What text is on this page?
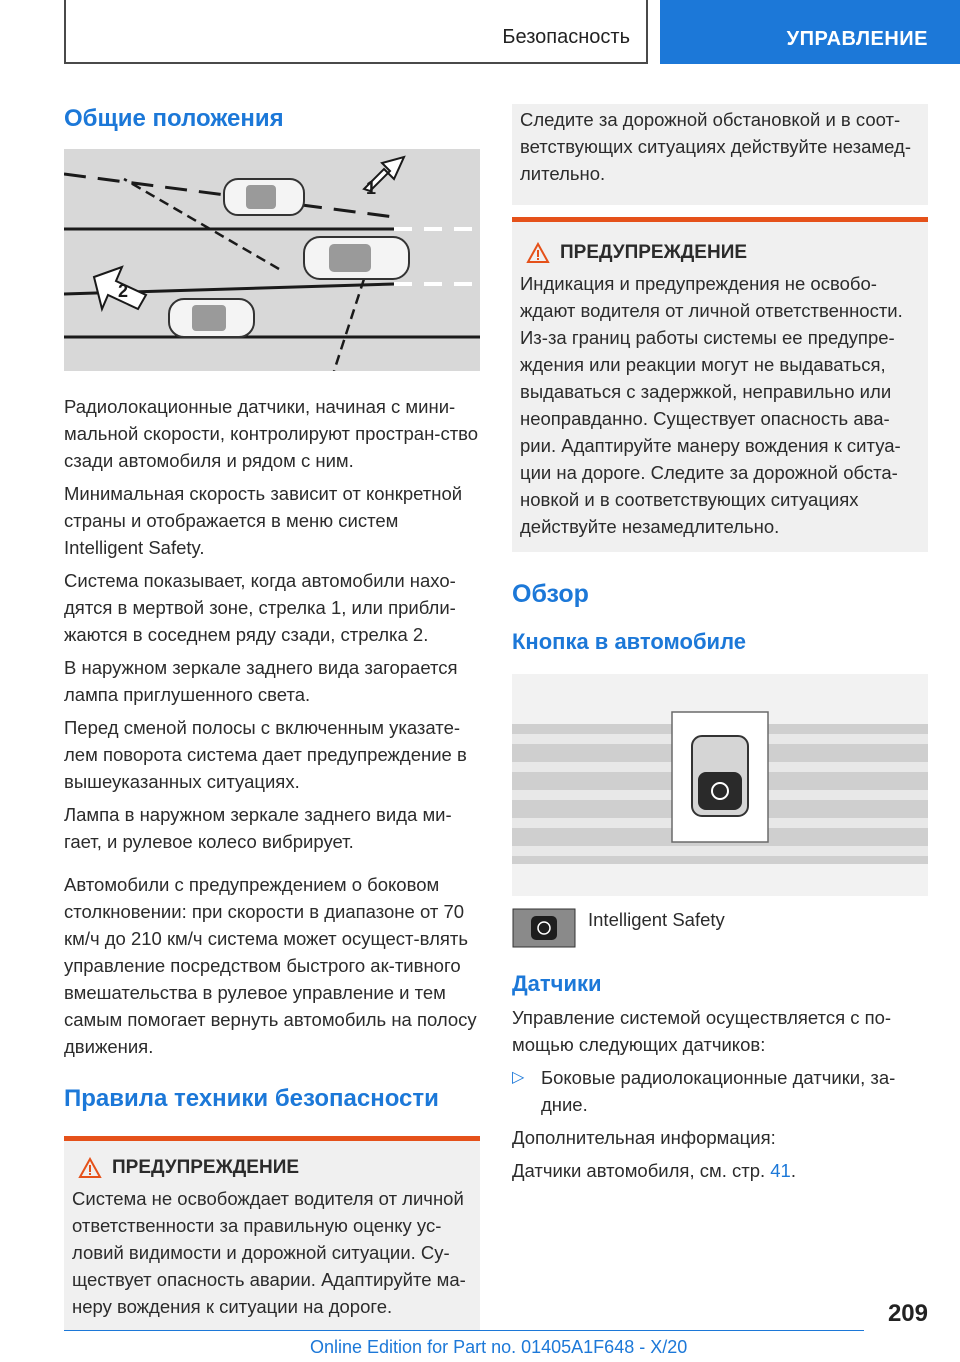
Безопасность	УПРАВЛЕНИЕ
Общие положения
1
2

Радиолокационные датчики, начиная с мини-мальной скорости, контролируют простран-ство сзади автомобиля и рядом с ним.

Минимальная скорость зависит от конкретной страны и отображается в меню систем Intelligent Safety.

Система показывает, когда автомобили нахо-дятся в мертвой зоне, стрелка 1, или прибли-жаются в соседнем ряду сзади, стрелка 2.

В наружном зеркале заднего вида загорается лампа приглушенного света.

Перед сменой полосы с включенным указате-лем поворота система дает предупреждение в вышеуказанных ситуациях.

Лампа в наружном зеркале заднего вида ми-гает, и рулевое колесо вибрирует.

Автомобили с предупреждением о боковом столкновении: при скорости в диапазоне от 70 км/ч до 210 км/ч система может осущест-влять управление посредством быстрого ак-тивного вмешательства в рулевое управление и тем самым помогает вернуть автомобиль на полосу движения.

Правила техники безопасности
ПРЕДУПРЕЖДЕНИЕ

Система не освобождает водителя от личной ответственности за правильную оценку ус-ловий видимости и дорожной ситуации. Су-ществует опасность аварии. Адаптируйте ма-неру вождения к ситуации на дороге.

Следите за дорожной обстановкой и в соот-ветствующих ситуациях действуйте незамед-лительно.

ПРЕДУПРЕЖДЕНИЕ

Индикация и предупреждения не освобо-ждают водителя от личной ответственности. Из-за границ работы системы ее предупре-ждения или реакции могут не выдаваться, выдаваться с задержкой, неправильно или неоправданно. Существует опасность ава-рии. Адаптируйте манеру вождения к ситуа-ции на дороге. Следите за дорожной обста-новкой и в соответствующих ситуациях действуйте незамедлительно.

Обзор
Кнопка в автомобиле

Intelligent Safety

Датчики

Управление системой осуществляется с по-мощью следующих датчиков:

▷ Боковые радиолокационные датчики, за-дние.

Дополнительная информация:

Датчики автомобиля, см. стр. 41.

209
Online Edition for Part no. 01405A1F648 - X/20
